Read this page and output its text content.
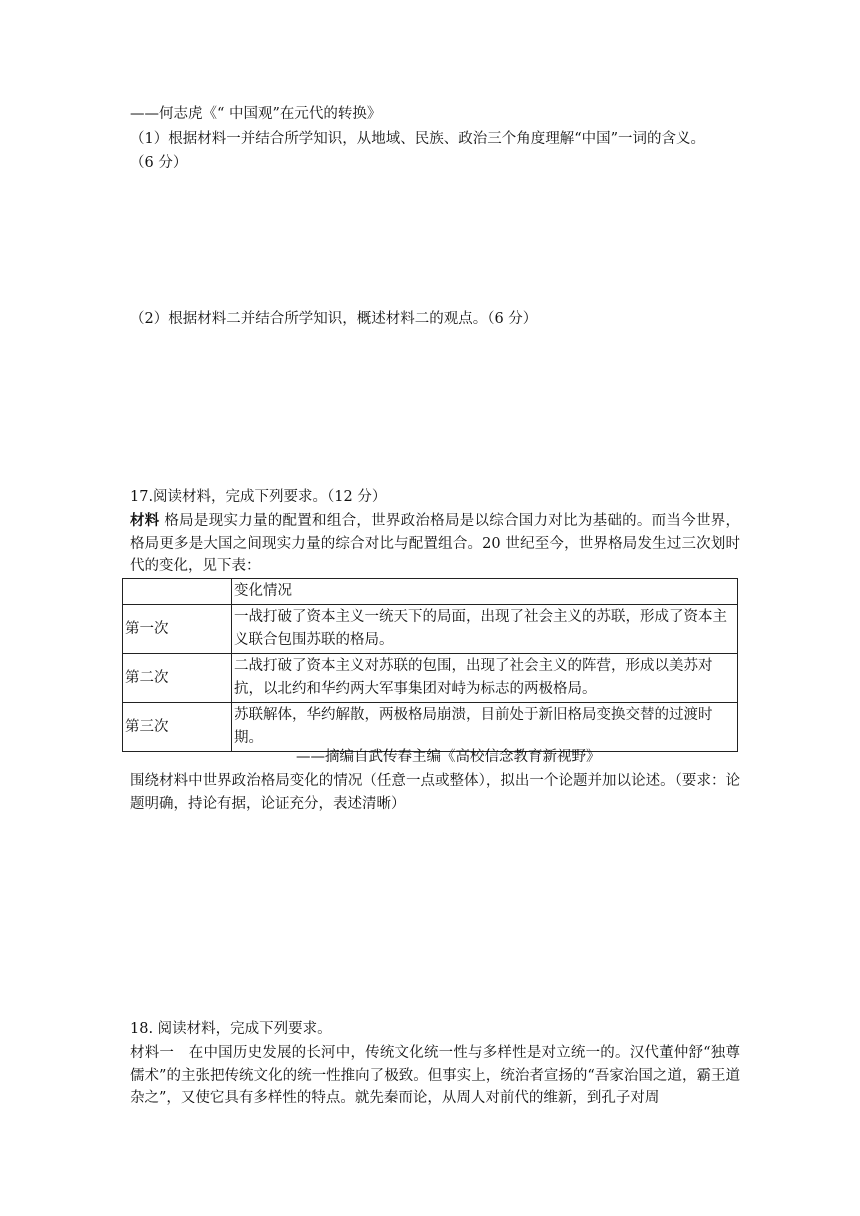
——何志虎《“ 中国观”在元代的转换》
（1）根据材料一并结合所学知识，从地域、民族、政治三个角度理解“中国”一词的含义。
（6 分）
（2）根据材料二并结合所学知识，概述材料二的观点。（6 分）
17.阅读材料，完成下列要求。（12 分）
材料 格局是现实力量的配置和组合，世界政治格局是以综合国力对比为基础的。而当今世界，格局更多是大国之间现实力量的综合对比与配置组合。20 世纪至今，世界格局发生过三次划时代的变化，见下表：
	变化情况
第一次	一战打破了资本主义一统天下的局面，出现了社会主义的苏联，形成了资本主义联合包围苏联的格局。
第二次	二战打破了资本主义对苏联的包围，出现了社会主义的阵营，形成以美苏对抗，以北约和华约两大军事集团对峙为标志的两极格局。
第三次	苏联解体，华约解散，两极格局崩溃，目前处于新旧格局变换交替的过渡时期。
——摘编自武传春主编《高校信念教育新视野》
围绕材料中世界政治格局变化的情况（任意一点或整体），拟出一个论题并加以论述。（要求：论题明确，持论有据，论证充分，表述清晰）
18. 阅读材料，完成下列要求。
材料一　在中国历史发展的长河中，传统文化统一性与多样性是对立统一的。汉代董仲舒“独尊儒术”的主张把传统文化的统一性推向了极致。但事实上，统治者宣扬的“吾家治国之道，霸王道杂之”，又使它具有多样性的特点。就先秦而论，从周人对前代的维新，到孔子对周
